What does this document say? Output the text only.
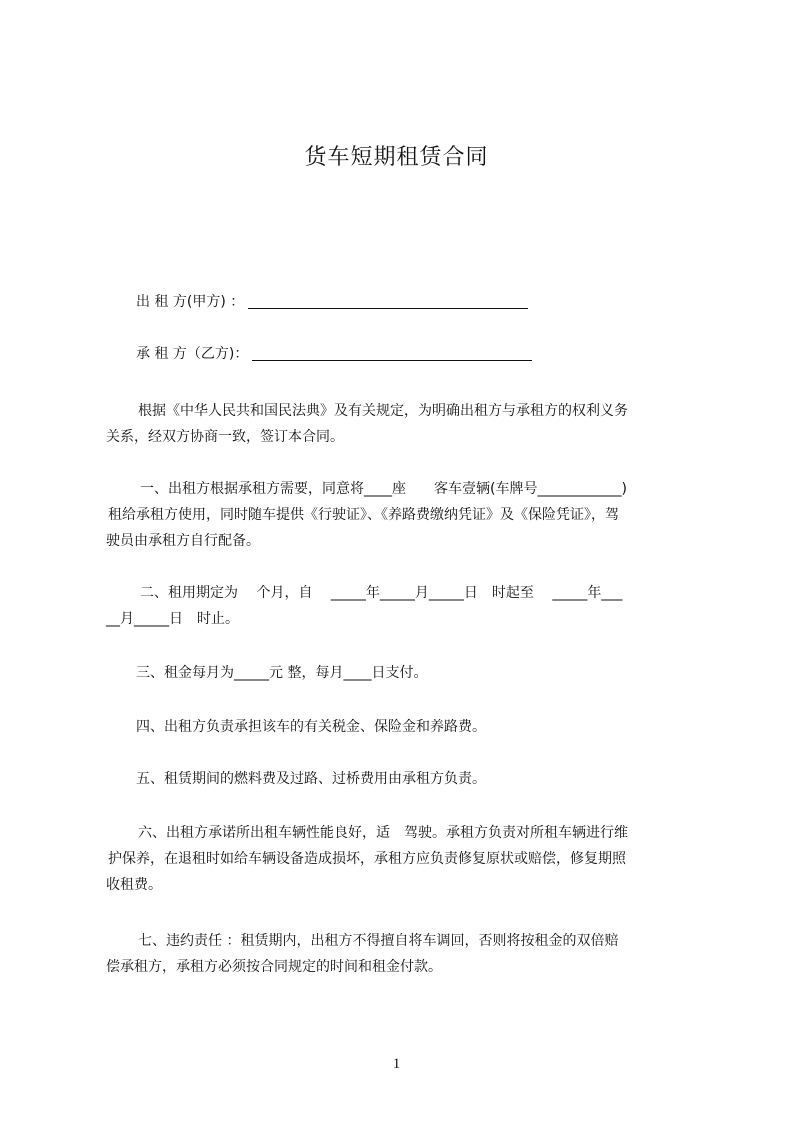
货车短期租赁合同
出 租 方(甲方) ：
承 租 方（乙方)：

根据《中华人民共和国民法典》及有关规定，为明确出租方与承租方的权利义务

关系，经双方协商一致，签订本合同。

一、出租方根据承租方需要，同意将____座　　客车壹辆(车牌号____________)

租给承租方使用，同时随车提供《行驶证》、《养路费缴纳凭证》及《保险凭证》，驾

驶员由承租方自行配备。

二、租用期定为　 个月，自　 _____年_____月_____日　时起至　 _____年___

__月_____日　时止。

三、租金每月为_____元 整，每月____日支付。

四、出租方负责承担该车的有关税金、保险金和养路费。

五、租赁期间的燃料费及过路、过桥费用由承租方负责。

六、出租方承诺所出租车辆性能良好，适　驾驶。承租方负责对所租车辆进行维

护保养，在退租时如给车辆设备造成损坏，承租方应负责修复原状或赔偿，修复期照

收租费。

七、违约责任 ：租赁期内，出租方不得擅自将车调回，否则将按租金的双倍赔

偿承租方，承租方必须按合同规定的时间和租金付款。

1
